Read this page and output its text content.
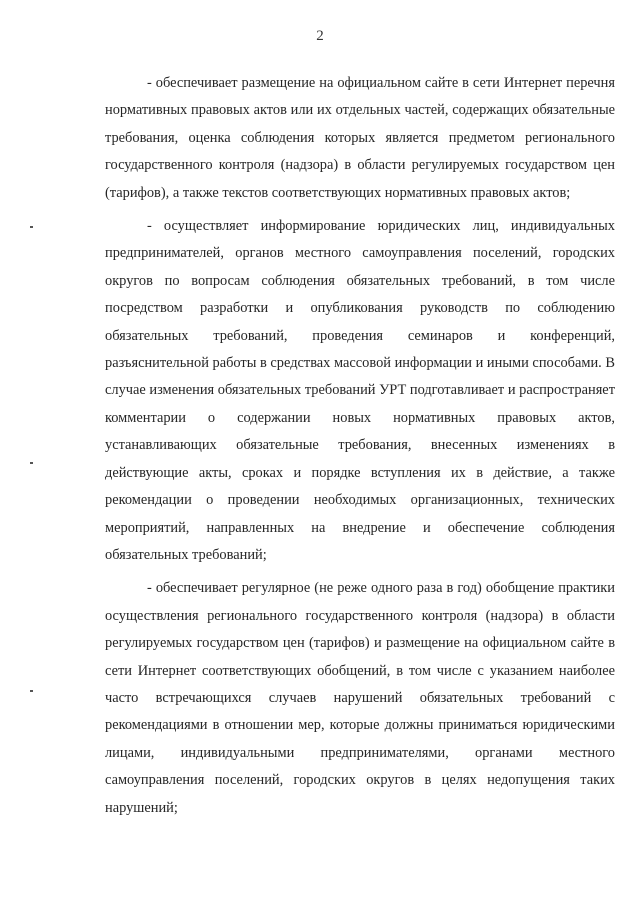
2

- обеспечивает размещение на официальном сайте в сети Интернет перечня нормативных правовых актов или их отдельных частей, содержащих обязательные требования, оценка соблюдения которых является предметом регионального государственного контроля (надзора) в области регулируемых государством цен (тарифов), а также текстов соответствующих нормативных правовых актов;

- осуществляет информирование юридических лиц, индивидуальных предпринимателей, органов местного самоуправления поселений, городских округов по вопросам соблюдения обязательных требований, в том числе посредством разработки и опубликования руководств по соблюдению обязательных требований, проведения семинаров и конференций, разъяснительной работы в средствах массовой информации и иными способами. В случае изменения обязательных требований УРТ подготавливает и распространяет комментарии о содержании новых нормативных правовых актов, устанавливающих обязательные требования, внесенных изменениях в действующие акты, сроках и порядке вступления их в действие, а также рекомендации о проведении необходимых организационных, технических мероприятий, направленных на внедрение и обеспечение соблюдения обязательных требований;

- обеспечивает регулярное (не реже одного раза в год) обобщение практики осуществления регионального государственного контроля (надзора) в области регулируемых государством цен (тарифов) и размещение на официальном сайте в сети Интернет соответствующих обобщений, в том числе с указанием наиболее часто встречающихся случаев нарушений обязательных требований с рекомендациями в отношении мер, которые должны приниматься юридическими лицами, индивидуальными предпринимателями, органами местного самоуправления поселений, городских округов в целях недопущения таких нарушений;
